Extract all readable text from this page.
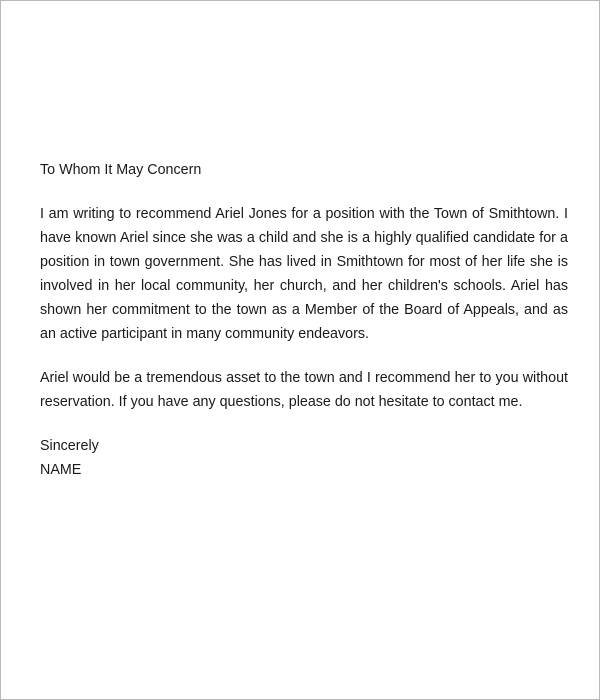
To Whom It May Concern

I am writing to recommend Ariel Jones for a position with the Town of Smithtown. I have known Ariel since she was a child and she is a highly qualified candidate for a position in town government. She has lived in Smithtown for most of her life she is involved in her local community, her church, and her children's schools. Ariel has shown her commitment to the town as a Member of the Board of Appeals, and as an active participant in many community endeavors.

Ariel would be a tremendous asset to the town and I recommend her to you without reservation. If you have any questions, please do not hesitate to contact me.

Sincerely

NAME
